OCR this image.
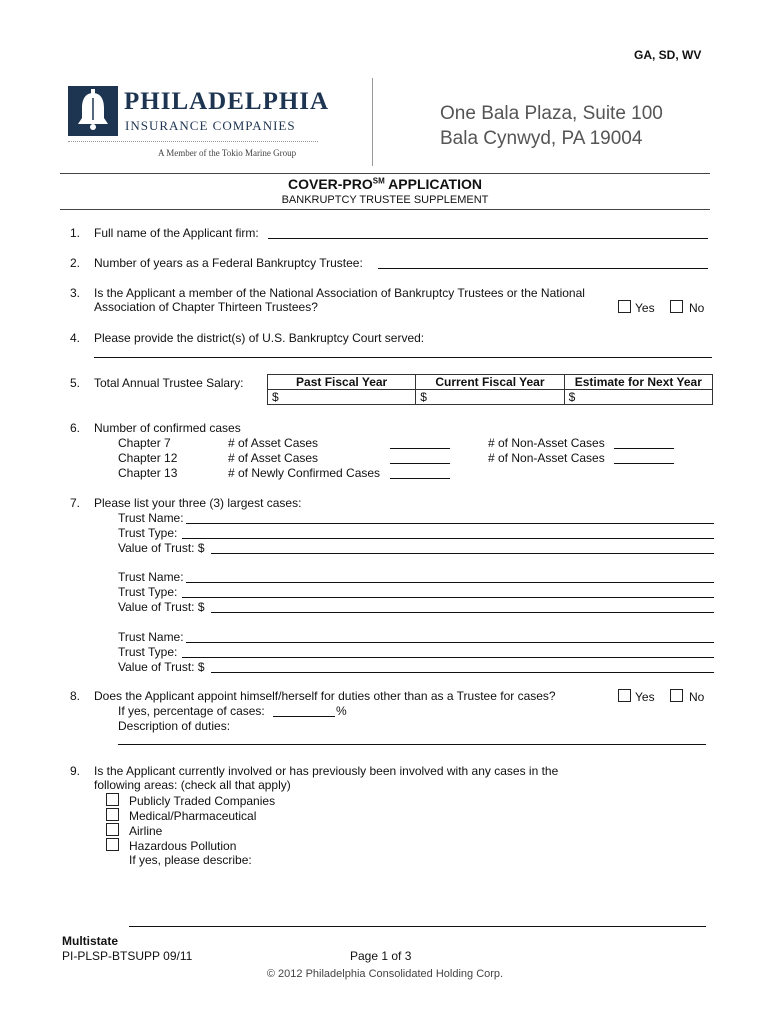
GA, SD, WV
PHILADELPHIA
INSURANCE COMPANIES
A Member of the Tokio Marine Group
One Bala Plaza, Suite 100
Bala Cynwyd, PA 19004
COVER-PRO℠ APPLICATION
BANKRUPTCY TRUSTEE SUPPLEMENT
1. Full name of the Applicant firm:
2. Number of years as a Federal Bankruptcy Trustee:
3. Is the Applicant a member of the National Association of Bankruptcy Trustees or the National
Association of Chapter Thirteen Trustees?	Yes	No
4. Please provide the district(s) of U.S. Bankruptcy Court served:
5. Total Annual Trustee Salary:	Past Fiscal Year	Current Fiscal Year	Estimate for Next Year
$	$	$
6. Number of confirmed cases
Chapter 7	# of Asset Cases	# of Non-Asset Cases
Chapter 12	# of Asset Cases	# of Non-Asset Cases
Chapter 13	# of Newly Confirmed Cases
7. Please list your three (3) largest cases:
Trust Name:
Trust Type:
Value of Trust: $
Trust Name:
Trust Type:
Value of Trust: $
Trust Name:
Trust Type:
Value of Trust: $
8. Does the Applicant appoint himself/herself for duties other than as a Trustee for cases?	Yes	No
If yes, percentage of cases:	%
Description of duties:
9. Is the Applicant currently involved or has previously been involved with any cases in the
following areas: (check all that apply)
Publicly Traded Companies
Medical/Pharmaceutical
Airline
Hazardous Pollution
If yes, please describe:
Multistate
PI-PLSP-BTSUPP 09/11	Page 1 of 3
© 2012 Philadelphia Consolidated Holding Corp.
